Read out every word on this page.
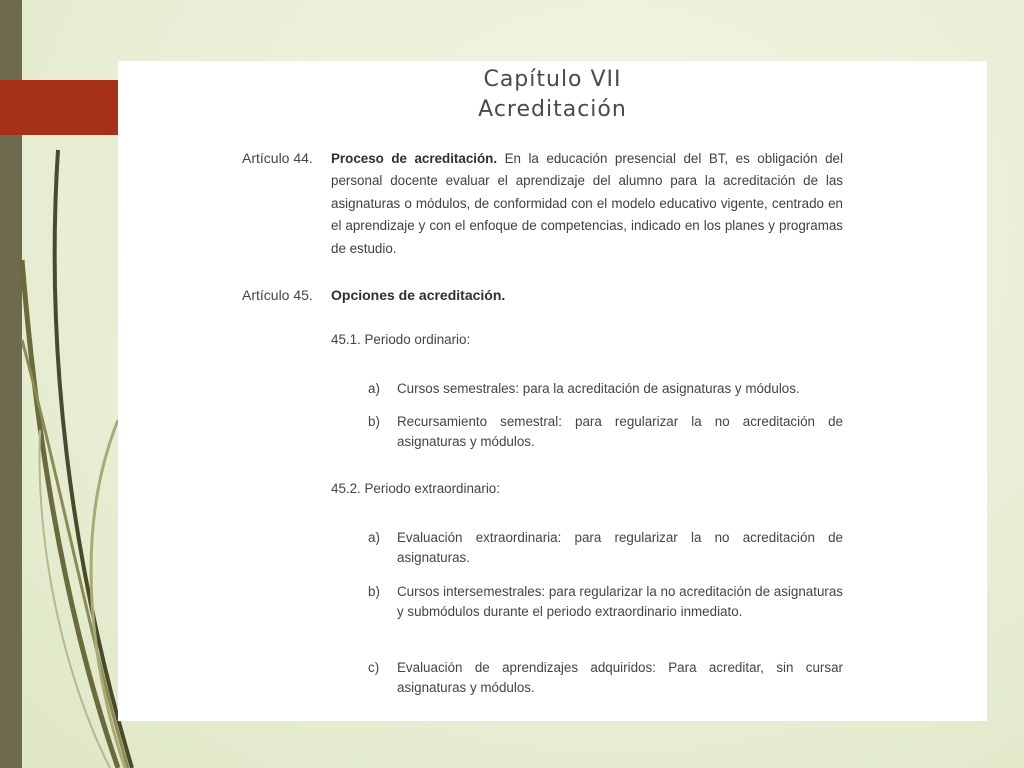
Capítulo VII
Acreditación
Artículo 44. Proceso de acreditación. En la educación presencial del BT, es obligación del personal docente evaluar el aprendizaje del alumno para la acreditación de las asignaturas o módulos, de conformidad con el modelo educativo vigente, centrado en el aprendizaje y con el enfoque de competencias, indicado en los planes y programas de estudio.
Artículo 45. Opciones de acreditación.
45.1. Periodo ordinario:
a) Cursos semestrales: para la acreditación de asignaturas y módulos.
b) Recursamiento semestral: para regularizar la no acreditación de asignaturas y módulos.
45.2. Periodo extraordinario:
a) Evaluación extraordinaria: para regularizar la no acreditación de asignaturas.
b) Cursos intersemestrales: para regularizar la no acreditación de asignaturas y submódulos durante el periodo extraordinario inmediato.
c) Evaluación de aprendizajes adquiridos: Para acreditar, sin cursar asignaturas y módulos.
